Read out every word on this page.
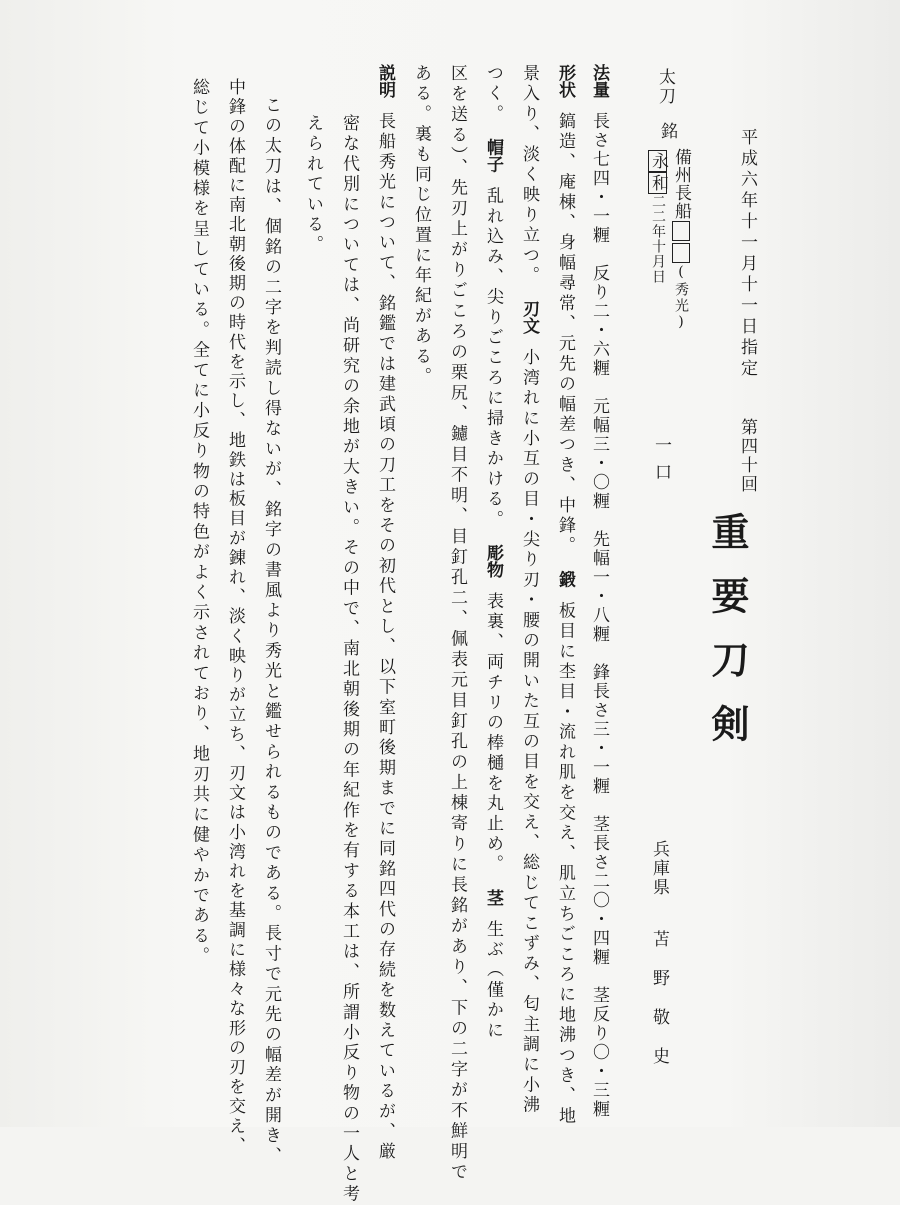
平成六年十一月十一日指定
第四十回
重要刀剣
兵庫県
苫野敬史
一口
太刀
銘
備州長船(秀光)
永和二二年十月日
法量長さ七四・一糎　反り二・六糎　元幅三・〇糎　先幅一・八糎　鋒長さ三・一糎　茎長さ二〇・四糎　茎反り〇・三糎
形状鎬造、庵棟、身幅尋常、元先の幅差つき、中鋒。鍛板目に杢目・流れ肌を交え、肌立ちごころに地沸つき、地
景入り、淡く映り立つ。刃文小湾れに小互の目・尖り刃・腰の開いた互の目を交え、総じてこずみ、匂主調に小沸
つく。帽子乱れ込み、尖りごころに掃きかける。彫物表裏、両チリの棒樋を丸止め。茎生ぶ（僅かに
区を送る）、先刃上がりごころの栗尻、鑢目不明、目釘孔二、佩表元目釘孔の上棟寄りに長銘があり、下の二字が不鮮明で
ある。裏も同じ位置に年紀がある。
説明長船秀光について、銘鑑では建武頃の刀工をその初代とし、以下室町後期までに同銘四代の存続を数えているが、厳
密な代別については、尚研究の余地が大きい。その中で、南北朝後期の年紀作を有する本工は、所謂小反り物の一人と考
えられている。
この太刀は、個銘の二字を判読し得ないが、銘字の書風より秀光と鑑せられるものである。長寸で元先の幅差が開き、
中鋒の体配に南北朝後期の時代を示し、地鉄は板目が錬れ、淡く映りが立ち、刃文は小湾れを基調に様々な形の刃を交え、
総じて小模様を呈している。全てに小反り物の特色がよく示されており、地刃共に健やかである。
